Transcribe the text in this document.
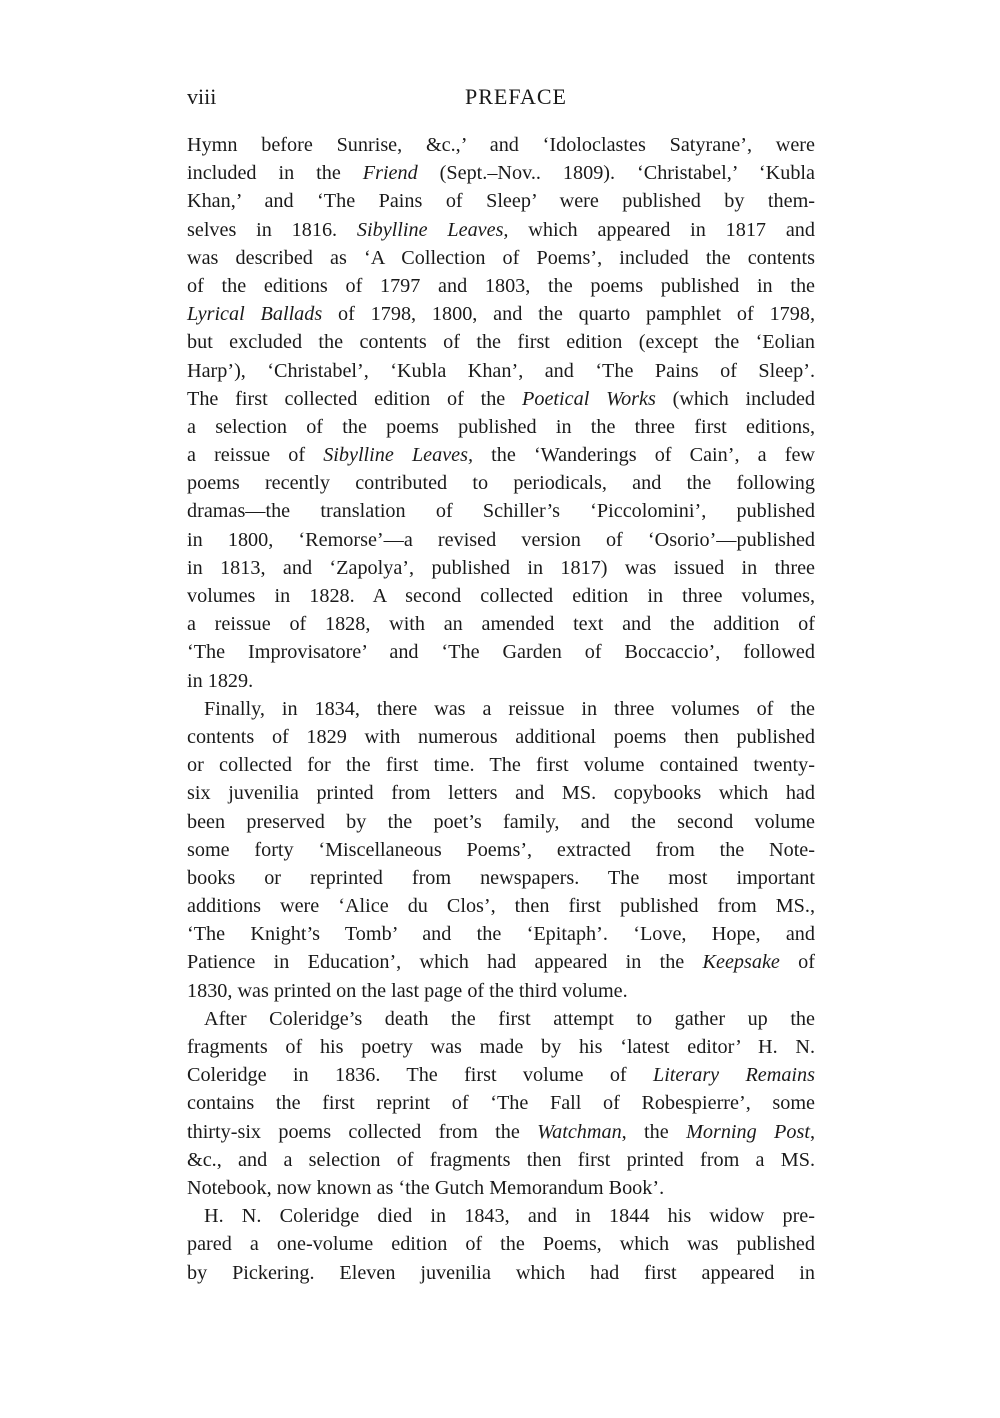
viii	PREFACE
Hymn before Sunrise, &c.,’ and ‘Idoloclastes Satyrane’, were
included in the Friend (Sept.–Nov.. 1809). ‘Christabel,’ ‘Kubla
Khan,’ and ‘The Pains of Sleep’ were published by them-
selves in 1816. Sibylline Leaves, which appeared in 1817 and
was described as ‘A Collection of Poems’, included the contents
of the editions of 1797 and 1803, the poems published in the
Lyrical Ballads of 1798, 1800, and the quarto pamphlet of 1798,
but excluded the contents of the first edition (except the ‘Eolian
Harp’), ‘Christabel’, ‘Kubla Khan’, and ‘The Pains of Sleep’.
The first collected edition of the Poetical Works (which included
a selection of the poems published in the three first editions,
a reissue of Sibylline Leaves, the ‘Wanderings of Cain’, a few
poems recently contributed to periodicals, and the following
dramas—the translation of Schiller’s ‘Piccolomini’, published
in 1800, ‘Remorse’—a revised version of ‘Osorio’—published
in 1813, and ‘Zapolya’, published in 1817) was issued in three
volumes in 1828. A second collected edition in three volumes,
a reissue of 1828, with an amended text and the addition of
‘The Improvisatore’ and ‘The Garden of Boccaccio’, followed
in 1829.
Finally, in 1834, there was a reissue in three volumes of the
contents of 1829 with numerous additional poems then published
or collected for the first time. The first volume contained twenty-
six juvenilia printed from letters and MS. copybooks which had
been preserved by the poet’s family, and the second volume
some forty ‘Miscellaneous Poems’, extracted from the Note-
books or reprinted from newspapers. The most important
additions were ‘Alice du Clos’, then first published from MS.,
‘The Knight’s Tomb’ and the ‘Epitaph’. ‘Love, Hope, and
Patience in Education’, which had appeared in the Keepsake of
1830, was printed on the last page of the third volume.
After Coleridge’s death the first attempt to gather up the
fragments of his poetry was made by his ‘latest editor’ H. N.
Coleridge in 1836. The first volume of Literary Remains
contains the first reprint of ‘The Fall of Robespierre’, some
thirty-six poems collected from the Watchman, the Morning Post,
&c., and a selection of fragments then first printed from a MS.
Notebook, now known as ‘the Gutch Memorandum Book’.
H. N. Coleridge died in 1843, and in 1844 his widow pre-
pared a one-volume edition of the Poems, which was published
by Pickering. Eleven juvenilia which had first appeared in
